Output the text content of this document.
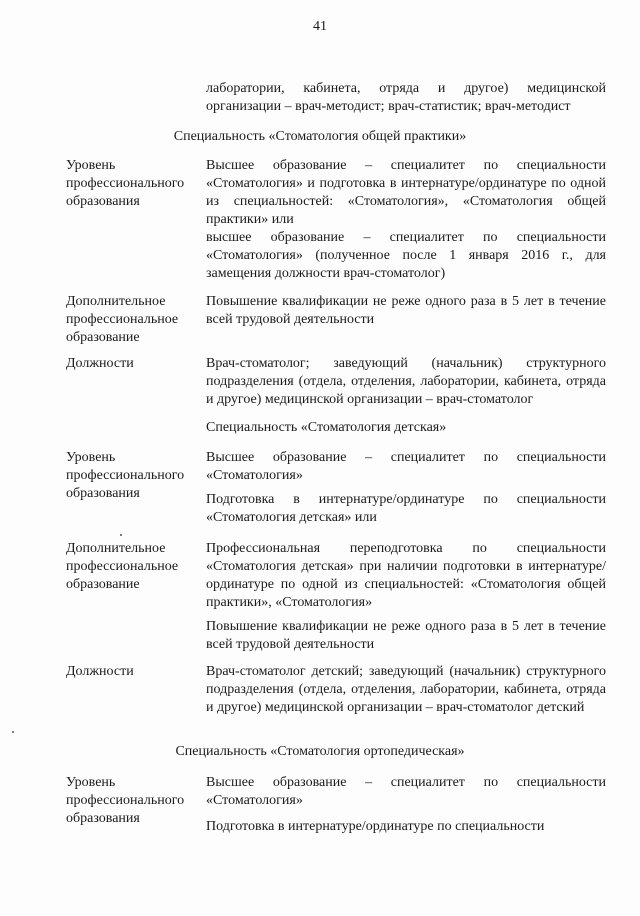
41

лаборатории, кабинета, отряда и другое) медицинской организации – врач-методист; врач-статистик; врач-методист

Специальность «Стоматология общей практики»

Уровень профессионального образования

Высшее образование – специалитет по специальности «Стоматология» и подготовка в интернатуре/ординатуре по одной из специальностей: «Стоматология», «Стоматология общей практики» или

высшее образование – специалитет по специальности «Стоматология» (полученное после 1 января 2016 г., для замещения должности врач-стоматолог)

Дополнительное профессиональное образование

Повышение квалификации не реже одного раза в 5 лет в течение всей трудовой деятельности

Должности	Врач-стоматолог; заведующий (начальник) структурного подразделения (отдела, отделения, лаборатории, кабинета, отряда и другое) медицинской организации – врач-стоматолог

Специальность «Стоматология детская»

Уровень профессионального образования

Высшее образование – специалитет по специальности «Стоматология»

Подготовка в интернатуре/ординатуре по специальности «Стоматология детская» или

Дополнительное профессиональное образование

Профессиональная переподготовка по специальности «Стоматология детская» при наличии подготовки в интернатуре/ординатуре по одной из специальностей: «Стоматология общей практики», «Стоматология»

Повышение квалификации не реже одного раза в 5 лет в течение всей трудовой деятельности

Должности	Врач-стоматолог детский; заведующий (начальник) структурного подразделения (отдела, отделения, лаборатории, кабинета, отряда и другое) медицинской организации – врач-стоматолог детский

Специальность «Стоматология ортопедическая»

Уровень профессионального образования

Высшее образование – специалитет по специальности «Стоматология»

Подготовка в интернатуре/ординатуре по специальности
